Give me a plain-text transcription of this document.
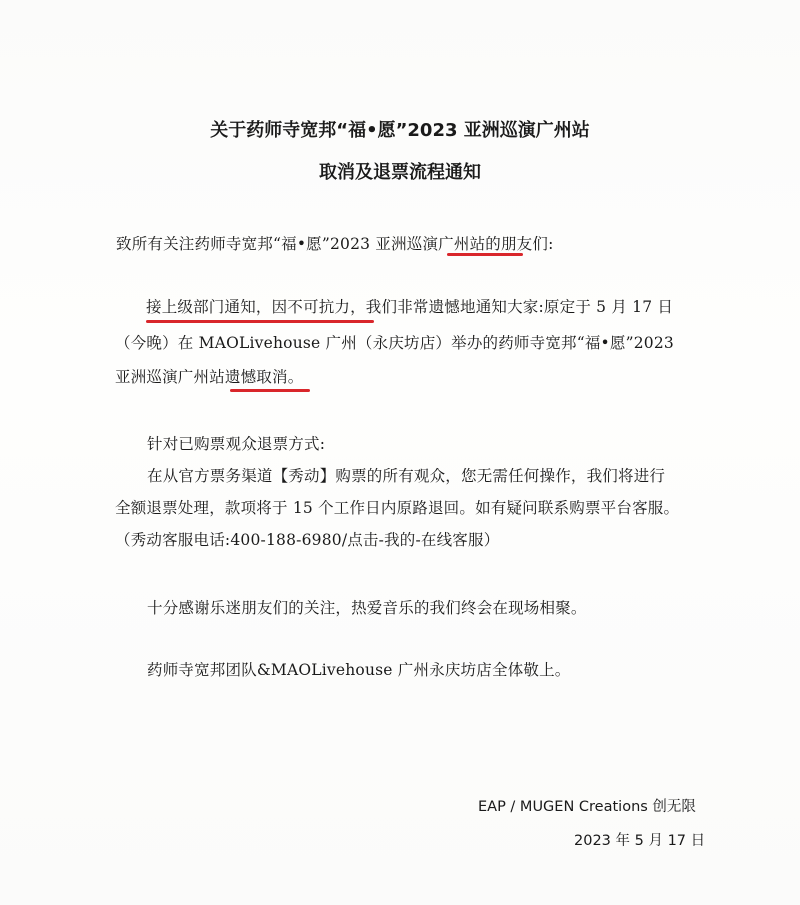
关于药师寺宽邦“福•愿”2023 亚洲巡演广州站
取消及退票流程通知
致所有关注药师寺宽邦“福•愿”2023 亚洲巡演广州站的朋友们:
接上级部门通知，因不可抗力，我们非常遗憾地通知大家:原定于 5 月 17 日
（今晚）在 MAOLivehouse 广州（永庆坊店）举办的药师寺宽邦“福•愿”2023
亚洲巡演广州站遗憾取消。
针对已购票观众退票方式:
在从官方票务渠道【秀动】购票的所有观众，您无需任何操作，我们将进行
全额退票处理，款项将于 15 个工作日内原路退回。如有疑问联系购票平台客服。
（秀动客服电话:400-188-6980/点击-我的-在线客服）
十分感谢乐迷朋友们的关注，热爱音乐的我们终会在现场相聚。
药师寺宽邦团队&MAOLivehouse 广州永庆坊店全体敬上。
EAP / MUGEN Creations 创无限
2023 年 5 月 17 日
